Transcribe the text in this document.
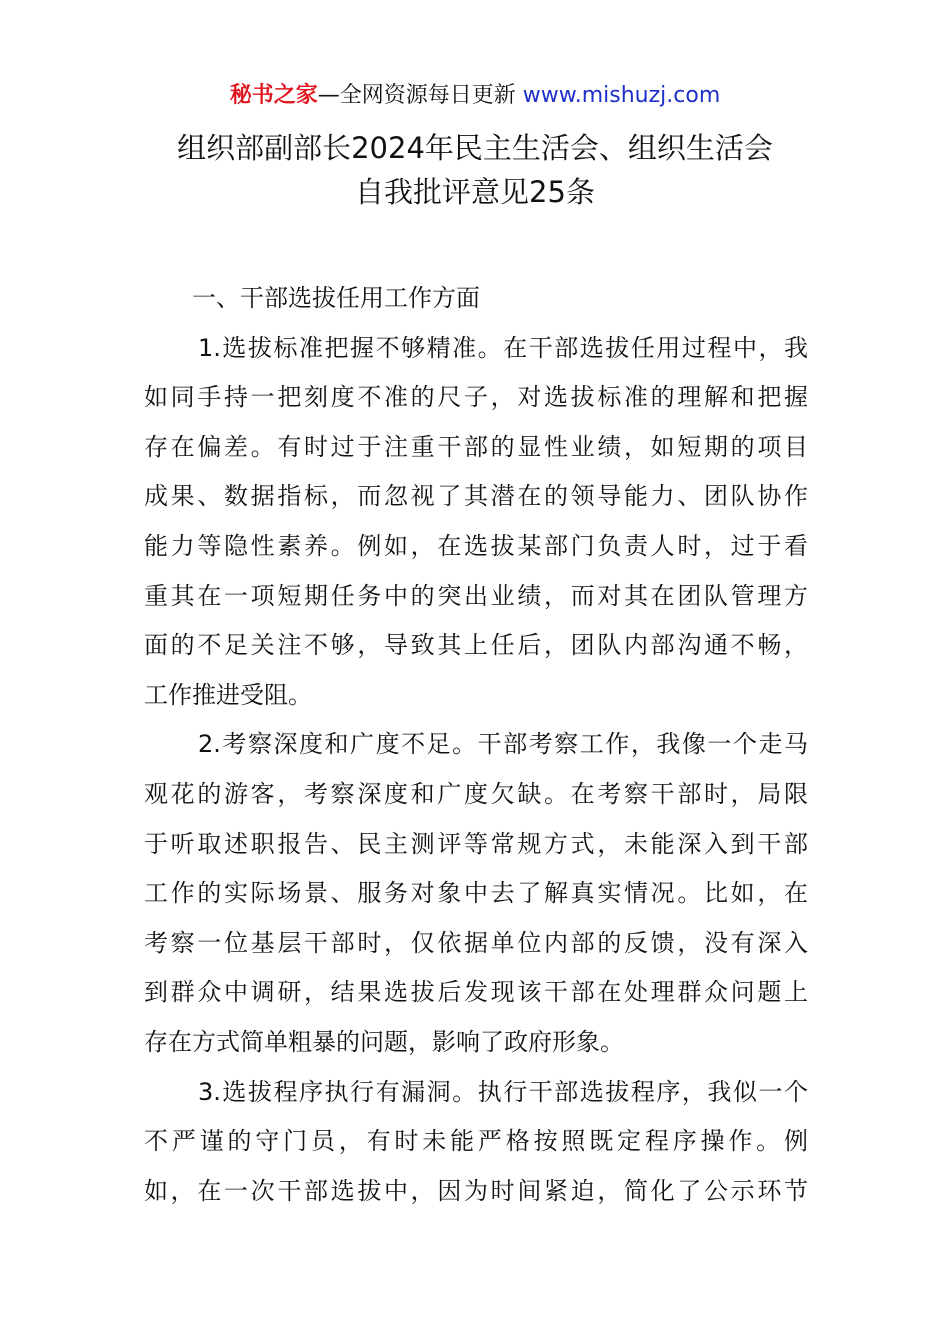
秘书之家—全网资源每日更新 www.mishuzj.com
组织部副部长2024年民主生活会、组织生活会
自我批评意见25条

一、干部选拔任用工作方面

1.选拔标准把握不够精准。在干部选拔任用过程中，我
如同手持一把刻度不准的尺子，对选拔标准的理解和把握
存在偏差。有时过于注重干部的显性业绩，如短期的项目
成果、数据指标，而忽视了其潜在的领导能力、团队协作
能力等隐性素养。例如，在选拔某部门负责人时，过于看
重其在一项短期任务中的突出业绩，而对其在团队管理方
面的不足关注不够，导致其上任后，团队内部沟通不畅，
工作推进受阻。
2.考察深度和广度不足。干部考察工作，我像一个走马
观花的游客，考察深度和广度欠缺。在考察干部时，局限
于听取述职报告、民主测评等常规方式，未能深入到干部
工作的实际场景、服务对象中去了解真实情况。比如，在
考察一位基层干部时，仅依据单位内部的反馈，没有深入
到群众中调研，结果选拔后发现该干部在处理群众问题上
存在方式简单粗暴的问题，影响了政府形象。
3.选拔程序执行有漏洞。执行干部选拔程序，我似一个
不严谨的守门员，有时未能严格按照既定程序操作。例
如，在一次干部选拔中，因为时间紧迫，简化了公示环节
